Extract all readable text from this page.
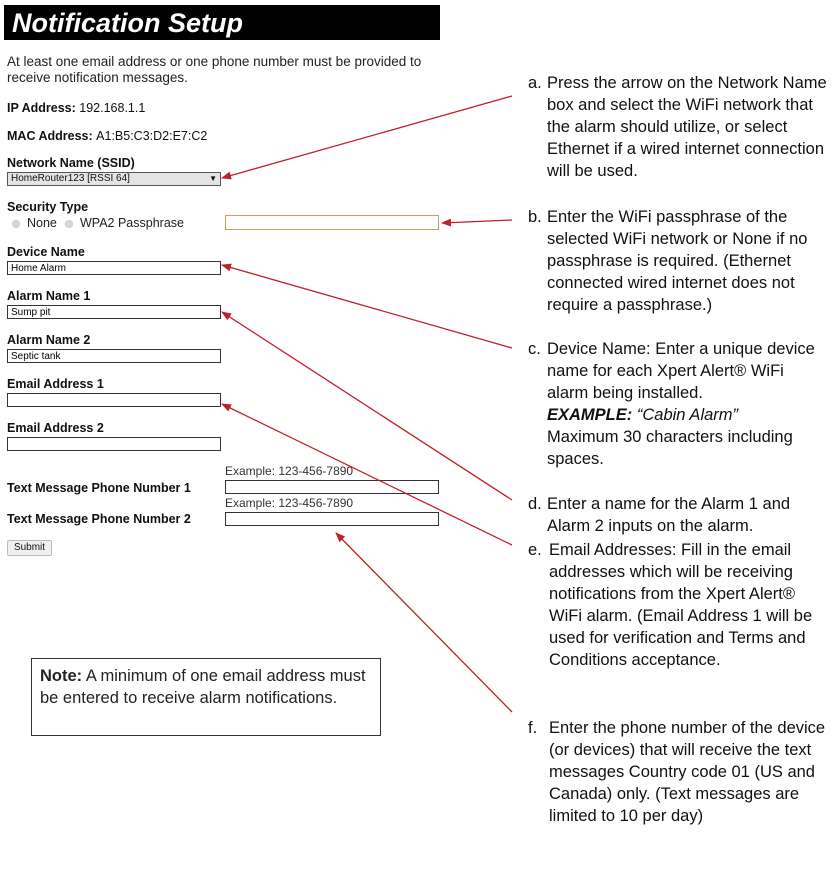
Notification Setup
At least one email address or one phone number must be provided to receive notification messages.
IP Address: 192.168.1.1
MAC Address: A1:B5:C3:D2:E7:C2
Network Name (SSID)
HomeRouter123 [RSSI 64]	▼
Security Type
None WPA2 Passphrase
Device Name
Home Alarm
Alarm Name 1
Sump pit
Alarm Name 2
Septic tank
Email Address 1
Email Address 2
Example: 123-456-7890
Text Message Phone Number 1
Example: 123-456-7890
Text Message Phone Number 2
Submit
Note: A minimum of one email address must be entered to receive alarm notifications.
a. Press the arrow on the Network Name box and select the WiFi network that the alarm should utilize, or select Ethernet if a wired internet connection will be used.
b. Enter the WiFi passphrase of the selected WiFi network or None if no passphrase is required. (Ethernet connected wired internet does not require a passphrase.)
c. Device Name: Enter a unique device name for each Xpert Alert® WiFi alarm being installed.
EXAMPLE: “Cabin Alarm”
Maximum 30 characters including spaces.
d. Enter a name for the Alarm 1 and Alarm 2 inputs on the alarm.
e. Email Addresses: Fill in the email addresses which will be receiving notifications from the Xpert Alert® WiFi alarm. (Email Address 1 will be used for verification and Terms and Conditions acceptance.
f. Enter the phone number of the device (or devices) that will receive the text messages Country code 01 (US and Canada) only. (Text messages are limited to 10 per day)
